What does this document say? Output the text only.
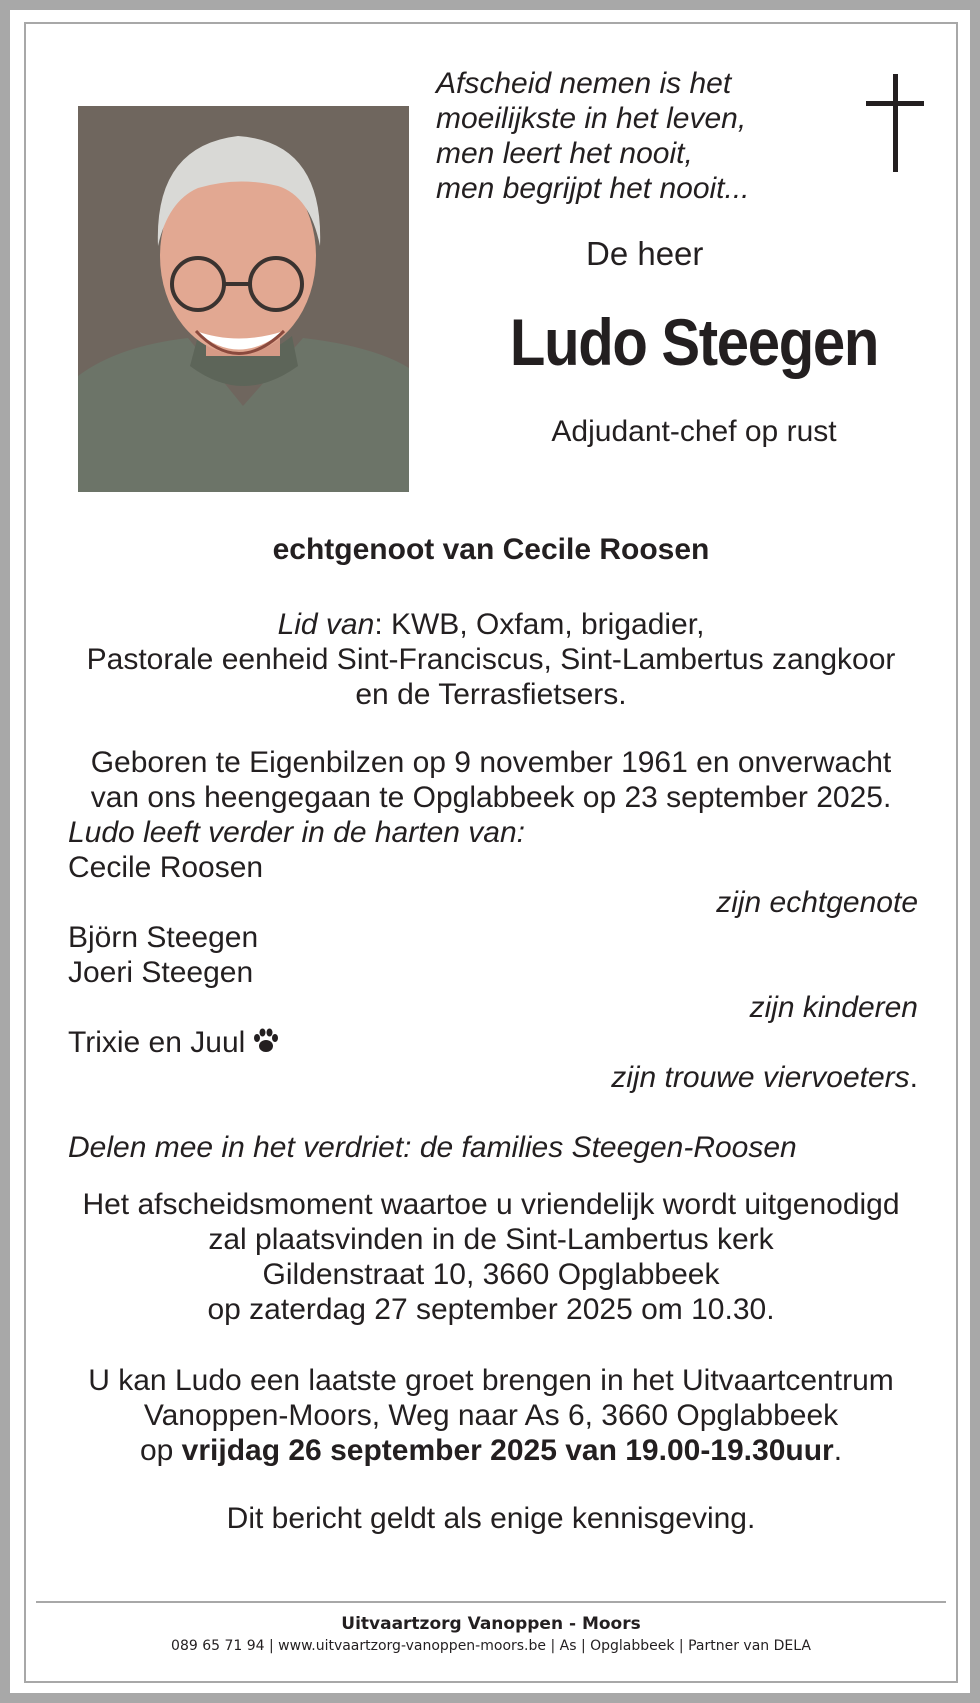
Afscheid nemen is het
moeilijkste in het leven,
men leert het nooit,
men begrijpt het nooit...
De heer
Ludo Steegen
Adjudant-chef op rust
echtgenoot van Cecile Roosen
Lid van: KWB, Oxfam, brigadier,
Pastorale eenheid Sint-Franciscus, Sint-Lambertus zangkoor
en de Terrasfietsers.
Geboren te Eigenbilzen op 9 november 1961 en onverwacht
van ons heengegaan te Opglabbeek op 23 september 2025.
Ludo leeft verder in de harten van:
Cecile Roosen
zijn echtgenote
Björn Steegen
Joeri Steegen
zijn kinderen
Trixie en Juul
zijn trouwe viervoeters.
Delen mee in het verdriet: de families Steegen-Roosen
Het afscheidsmoment waartoe u vriendelijk wordt uitgenodigd
zal plaatsvinden in de Sint-Lambertus kerk
Gildenstraat 10, 3660 Opglabbeek
op zaterdag 27 september 2025 om 10.30.
U kan Ludo een laatste groet brengen in het Uitvaartcentrum
Vanoppen-Moors, Weg naar As 6, 3660 Opglabbeek
op vrijdag 26 september 2025 van 19.00-19.30uur.
Dit bericht geldt als enige kennisgeving.
Uitvaartzorg Vanoppen - Moors
089 65 71 94 | www.uitvaartzorg-vanoppen-moors.be | As | Opglabbeek | Partner van DELA
